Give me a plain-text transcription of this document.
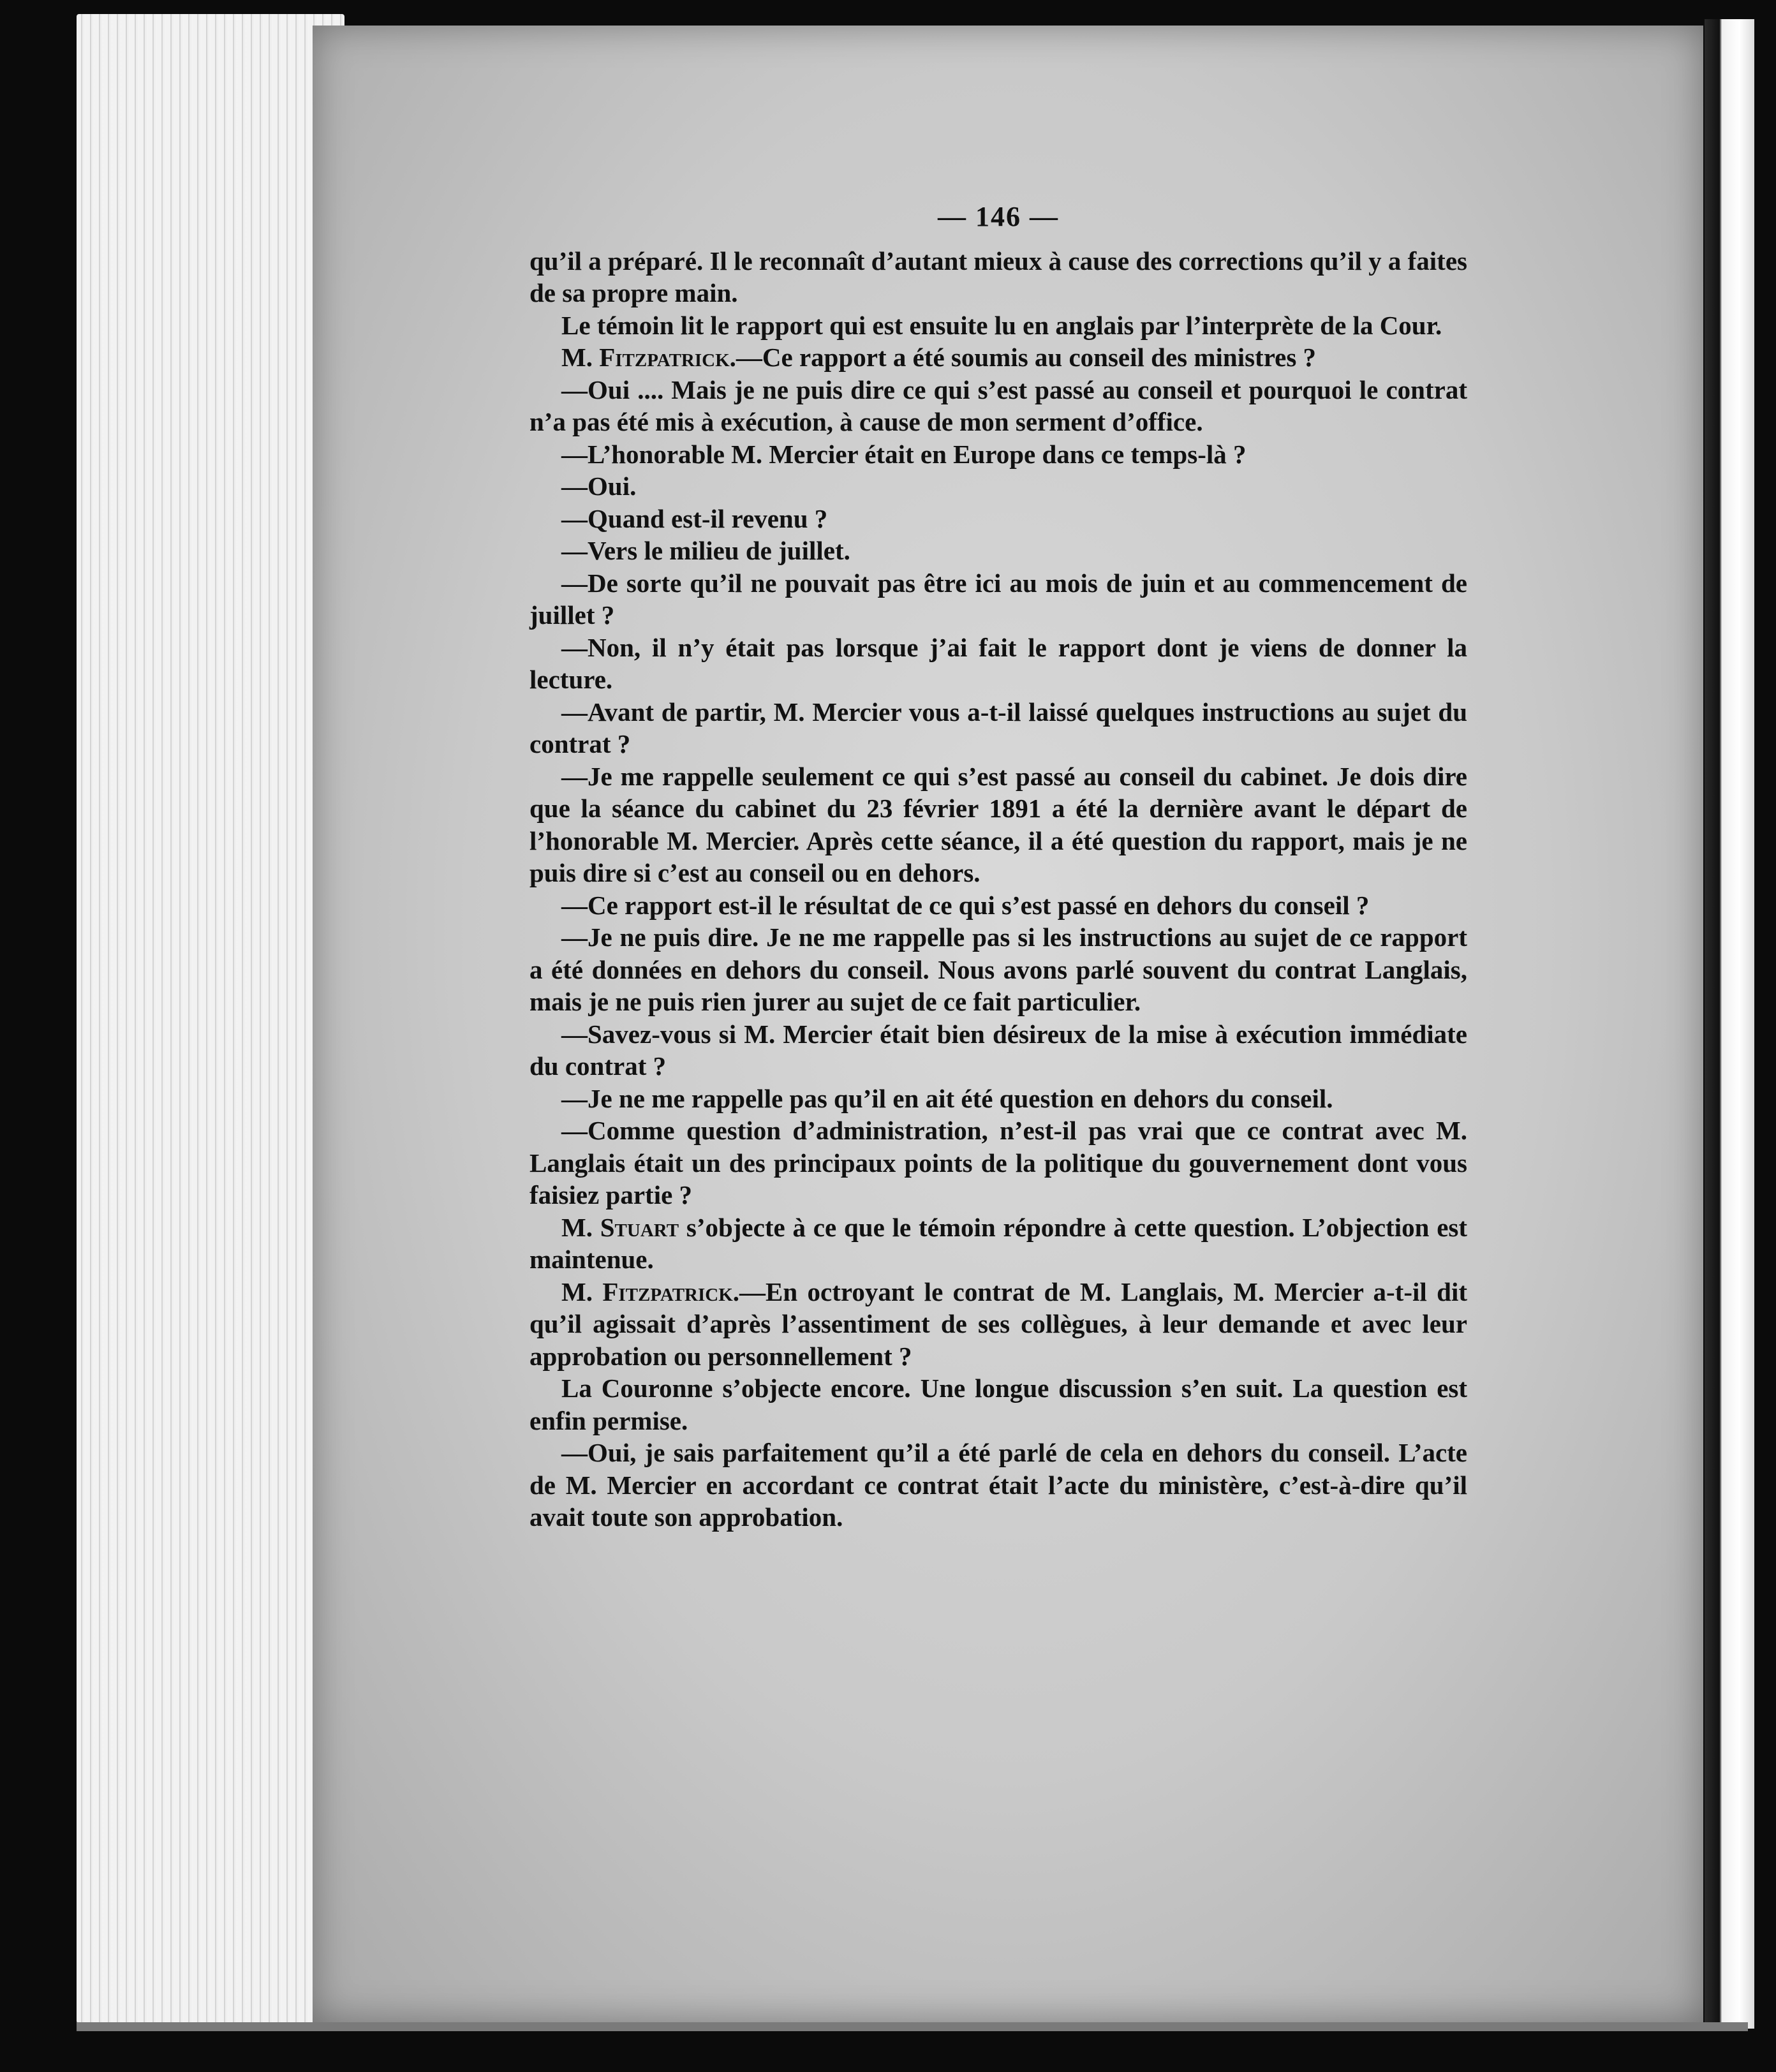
— 146 —

qu’il a préparé. Il le reconnaît d’autant mieux à cause des corrections qu’il y a faites de sa propre main.

Le témoin lit le rapport qui est ensuite lu en anglais par l’interprète de la Cour.

M. Fitzpatrick.—Ce rapport a été soumis au conseil des ministres ?

—Oui .... Mais je ne puis dire ce qui s’est passé au conseil et pourquoi le contrat n’a pas été mis à exécution, à cause de mon serment d’office.

—L’honorable M. Mercier était en Europe dans ce temps-là ?

—Oui.

—Quand est-il revenu ?

—Vers le milieu de juillet.

—De sorte qu’il ne pouvait pas être ici au mois de juin et au commencement de juillet ?

—Non, il n’y était pas lorsque j’ai fait le rapport dont je viens de donner la lecture.

—Avant de partir, M. Mercier vous a-t-il laissé quelques instructions au sujet du contrat ?

—Je me rappelle seulement ce qui s’est passé au conseil du cabinet. Je dois dire que la séance du cabinet du 23 février 1891 a été la dernière avant le départ de l’honorable M. Mercier. Après cette séance, il a été question du rapport, mais je ne puis dire si c’est au conseil ou en dehors.

—Ce rapport est-il le résultat de ce qui s’est passé en dehors du conseil ?

—Je ne puis dire. Je ne me rappelle pas si les instructions au sujet de ce rapport a été données en dehors du conseil. Nous avons parlé souvent du contrat Langlais, mais je ne puis rien jurer au sujet de ce fait particulier.

—Savez-vous si M. Mercier était bien désireux de la mise à exécution immédiate du contrat ?

—Je ne me rappelle pas qu’il en ait été question en dehors du conseil.

—Comme question d’administration, n’est-il pas vrai que ce contrat avec M. Langlais était un des principaux points de la politique du gouvernement dont vous faisiez partie ?

M. Stuart s’objecte à ce que le témoin répondre à cette question. L’objection est maintenue.

M. Fitzpatrick.—En octroyant le contrat de M. Langlais, M. Mercier a-t-il dit qu’il agissait d’après l’assentiment de ses collègues, à leur demande et avec leur approbation ou personnellement ?

La Couronne s’objecte encore. Une longue discussion s’en suit. La question est enfin permise.

—Oui, je sais parfaitement qu’il a été parlé de cela en dehors du conseil. L’acte de M. Mercier en accordant ce contrat était l’acte du ministère, c’est-à-dire qu’il avait toute son approbation.
